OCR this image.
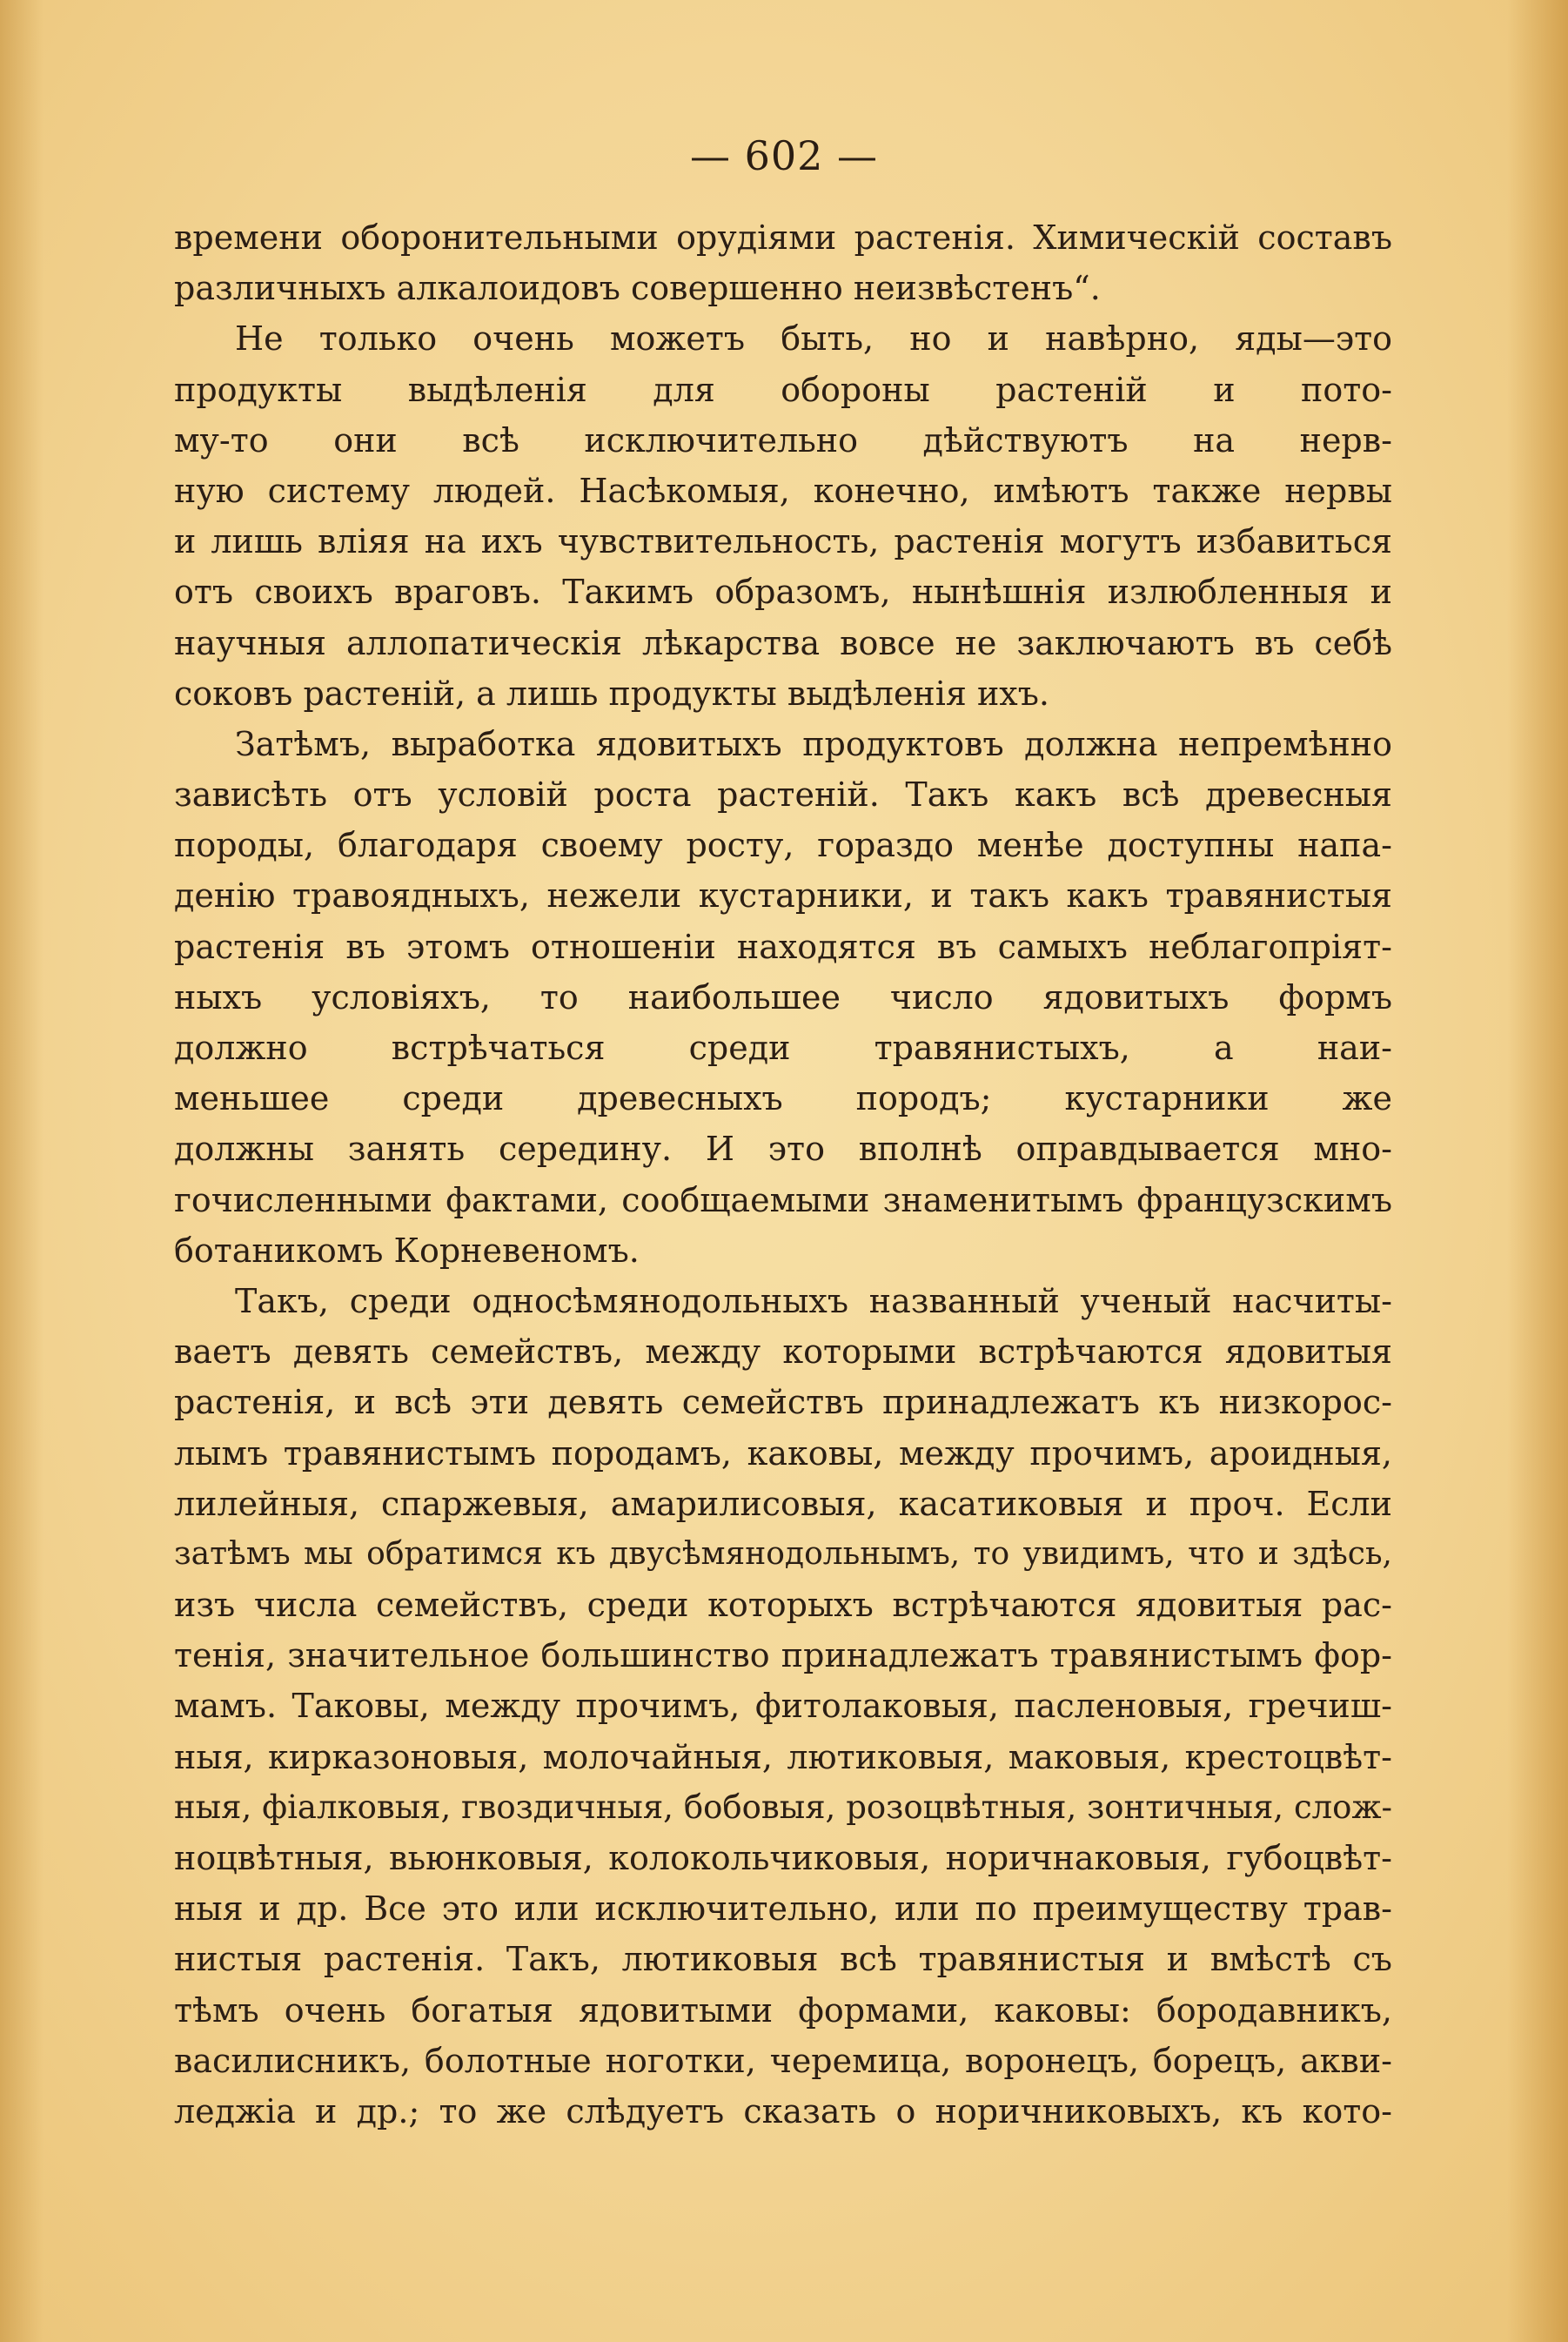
— 602 —
времени оборонительными орудіями растенія. Химическій составъ
различныхъ алкалоидовъ совершенно неизвѣстенъ“.
Не только очень можетъ быть, но и навѣрно, яды—это
продукты выдѣленія для обороны растеній и пото-
му-то они всѣ исключительно дѣйствуютъ на нерв-
ную систему людей. Насѣкомыя, конечно, имѣютъ также нервы
и лишь вліяя на ихъ чувствительность, растенія могутъ избавиться
отъ своихъ враговъ. Такимъ образомъ, нынѣшнія излюбленныя и
научныя аллопатическія лѣкарства вовсе не заключаютъ въ себѣ
соковъ растеній, а лишь продукты выдѣленія ихъ.
Затѣмъ, выработка ядовитыхъ продуктовъ должна непремѣнно
зависѣть отъ условій роста растеній. Такъ какъ всѣ древесныя
породы, благодаря своему росту, гораздо менѣе доступны напа-
денію травоядныхъ, нежели кустарники, и такъ какъ травянистыя
растенія въ этомъ отношеніи находятся въ самыхъ неблагопріят-
ныхъ условіяхъ, то наибольшее число ядовитыхъ формъ
должно встрѣчаться среди травянистыхъ, а наи-
меньшее среди древесныхъ породъ; кустарники же
должны занять середину. И это вполнѣ оправдывается мно-
гочисленными фактами, сообщаемыми знаменитымъ французскимъ
ботаникомъ Корневеномъ.
Такъ, среди односѣмянодольныхъ названный ученый насчиты-
ваетъ девять семействъ, между которыми встрѣчаются ядовитыя
растенія, и всѣ эти девять семействъ принадлежатъ къ низкорос-
лымъ травянистымъ породамъ, каковы, между прочимъ, ароидныя,
лилейныя, спаржевыя, амарилисовыя, касатиковыя и проч. Если
затѣмъ мы обратимся къ двусѣмянодольнымъ, то увидимъ, что и здѣсь,
изъ числа семействъ, среди которыхъ встрѣчаются ядовитыя рас-
тенія, значительное большинство принадлежатъ травянистымъ фор-
мамъ. Таковы, между прочимъ, фитолаковыя, пасленовыя, гречиш-
ныя, кирказоновыя, молочайныя, лютиковыя, маковыя, крестоцвѣт-
ныя, фіалковыя, гвоздичныя, бобовыя, розоцвѣтныя, зонтичныя, слож-
ноцвѣтныя, вьюнковыя, колокольчиковыя, норичнаковыя, губоцвѣт-
ныя и др. Все это или исключительно, или по преимуществу трав-
нистыя растенія. Такъ, лютиковыя всѣ травянистыя и вмѣстѣ съ
тѣмъ очень богатыя ядовитыми формами, каковы: бородавникъ,
василисникъ, болотные ноготки, черемица, воронецъ, борецъ, акви-
леджіа и др.; то же слѣдуетъ сказать о норичниковыхъ, къ кото-
